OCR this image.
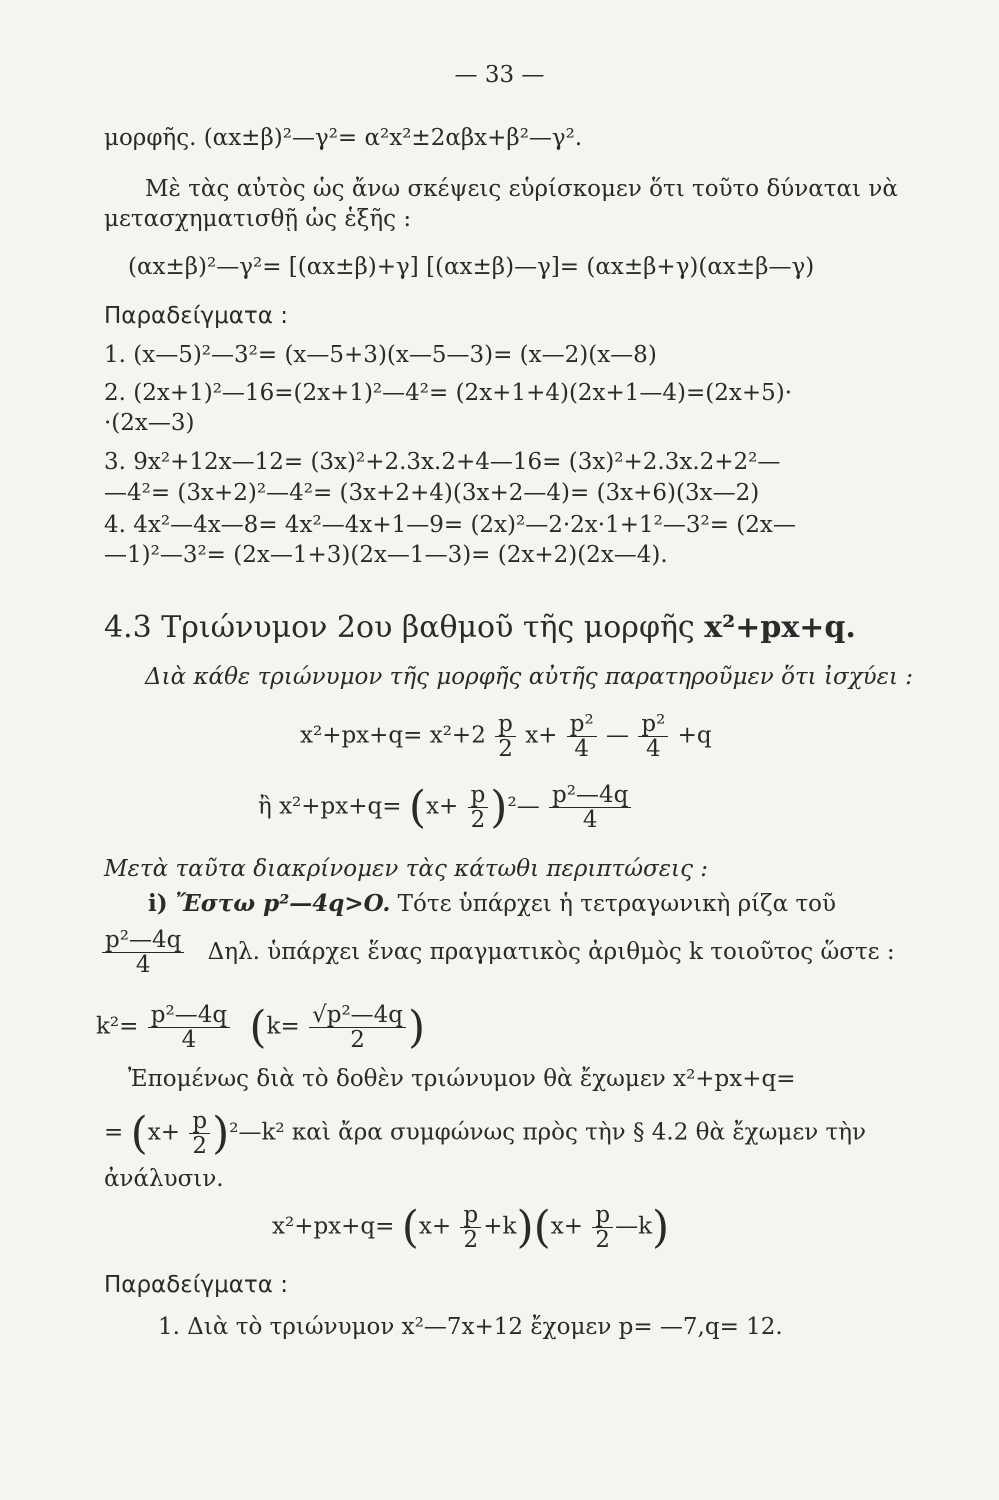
— 33 —
μορφῆς. (αx±β)²—γ²= α²x²±2αβx+β²—γ².
Μὲ τὰς αὐτὸς ὡς ἄνω σκέψεις εὑρίσκομεν ὅτι τοῦτο δύναται νὰ
μετασχηματισθῇ ὡς ἑξῆς :
(αx±β)²—γ²= [(αx±β)+γ] [(αx±β)—γ]= (αx±β+γ)(αx±β—γ)
Παραδείγματα :
1. (x—5)²—3²= (x—5+3)(x—5—3)= (x—2)(x—8)
2. (2x+1)²—16=(2x+1)²—4²= (2x+1+4)(2x+1—4)=(2x+5)·
·(2x—3)
3. 9x²+12x—12= (3x)²+2.3x.2+4—16= (3x)²+2.3x.2+2²—
—4²= (3x+2)²—4²= (3x+2+4)(3x+2—4)= (3x+6)(3x—2)
4. 4x²—4x—8= 4x²—4x+1—9= (2x)²—2·2x·1+1²—3²= (2x—
—1)²—3²= (2x—1+3)(2x—1—3)= (2x+2)(2x—4).
4.3 Τριώνυμον 2ου βαθμοῦ τῆς μορφῆς x²+px+q.
Διὰ κάθε τριώνυμον τῆς μορφῆς αὐτῆς παρατηροῦμεν ὅτι ἰσχύει :
$x^2+px+q= x^2+2 \frac{p}{2} x+ \frac{\text{p²}}{4}$ — $\frac{\text{p²}}{4} +q$
ἢ $x^2+px+q= (x+ \frac{p}{2}$ )²— $\frac{\text{p²—4q}}{4}$
Μετὰ ταῦτα διακρίνομεν τὰς κάτωθι περιπτώσεις :
i) Ἔστω p²—4q>O. Τότε ὑπάρχει ἡ τετραγωνικὴ ρίζα τοῦ
$\frac{\text{p²—4q}}{4} \Delta\eta\lambda$. ὑπάρχει ἕνας πραγματικὸς ἀριθμὸς k τοιοῦτος ὥστε :
$k^2= \frac{\text{p²—4q}}{4} (k= \frac{\text{√p²—4q}}{2}$ )
Ἐπομένως διὰ τὸ δοθὲν τριώνυμον θὰ ἔχωμεν x²+px+q=
= ($x+ \frac{p}{2}$ )²—k² καὶ ἄρα συμφώνως πρὸς τὴν § 4.2 θὰ ἔχωμεν τὴν
ἀνάλυσιν.
$x^2+px+q= (x+ \frac{p}{2} +k)(x+ \frac{p}{2}$ —k)
Παραδείγματα :
1. Διὰ τὸ τριώνυμον x²—7x+12 ἔχομεν p= —7,q= 12.
